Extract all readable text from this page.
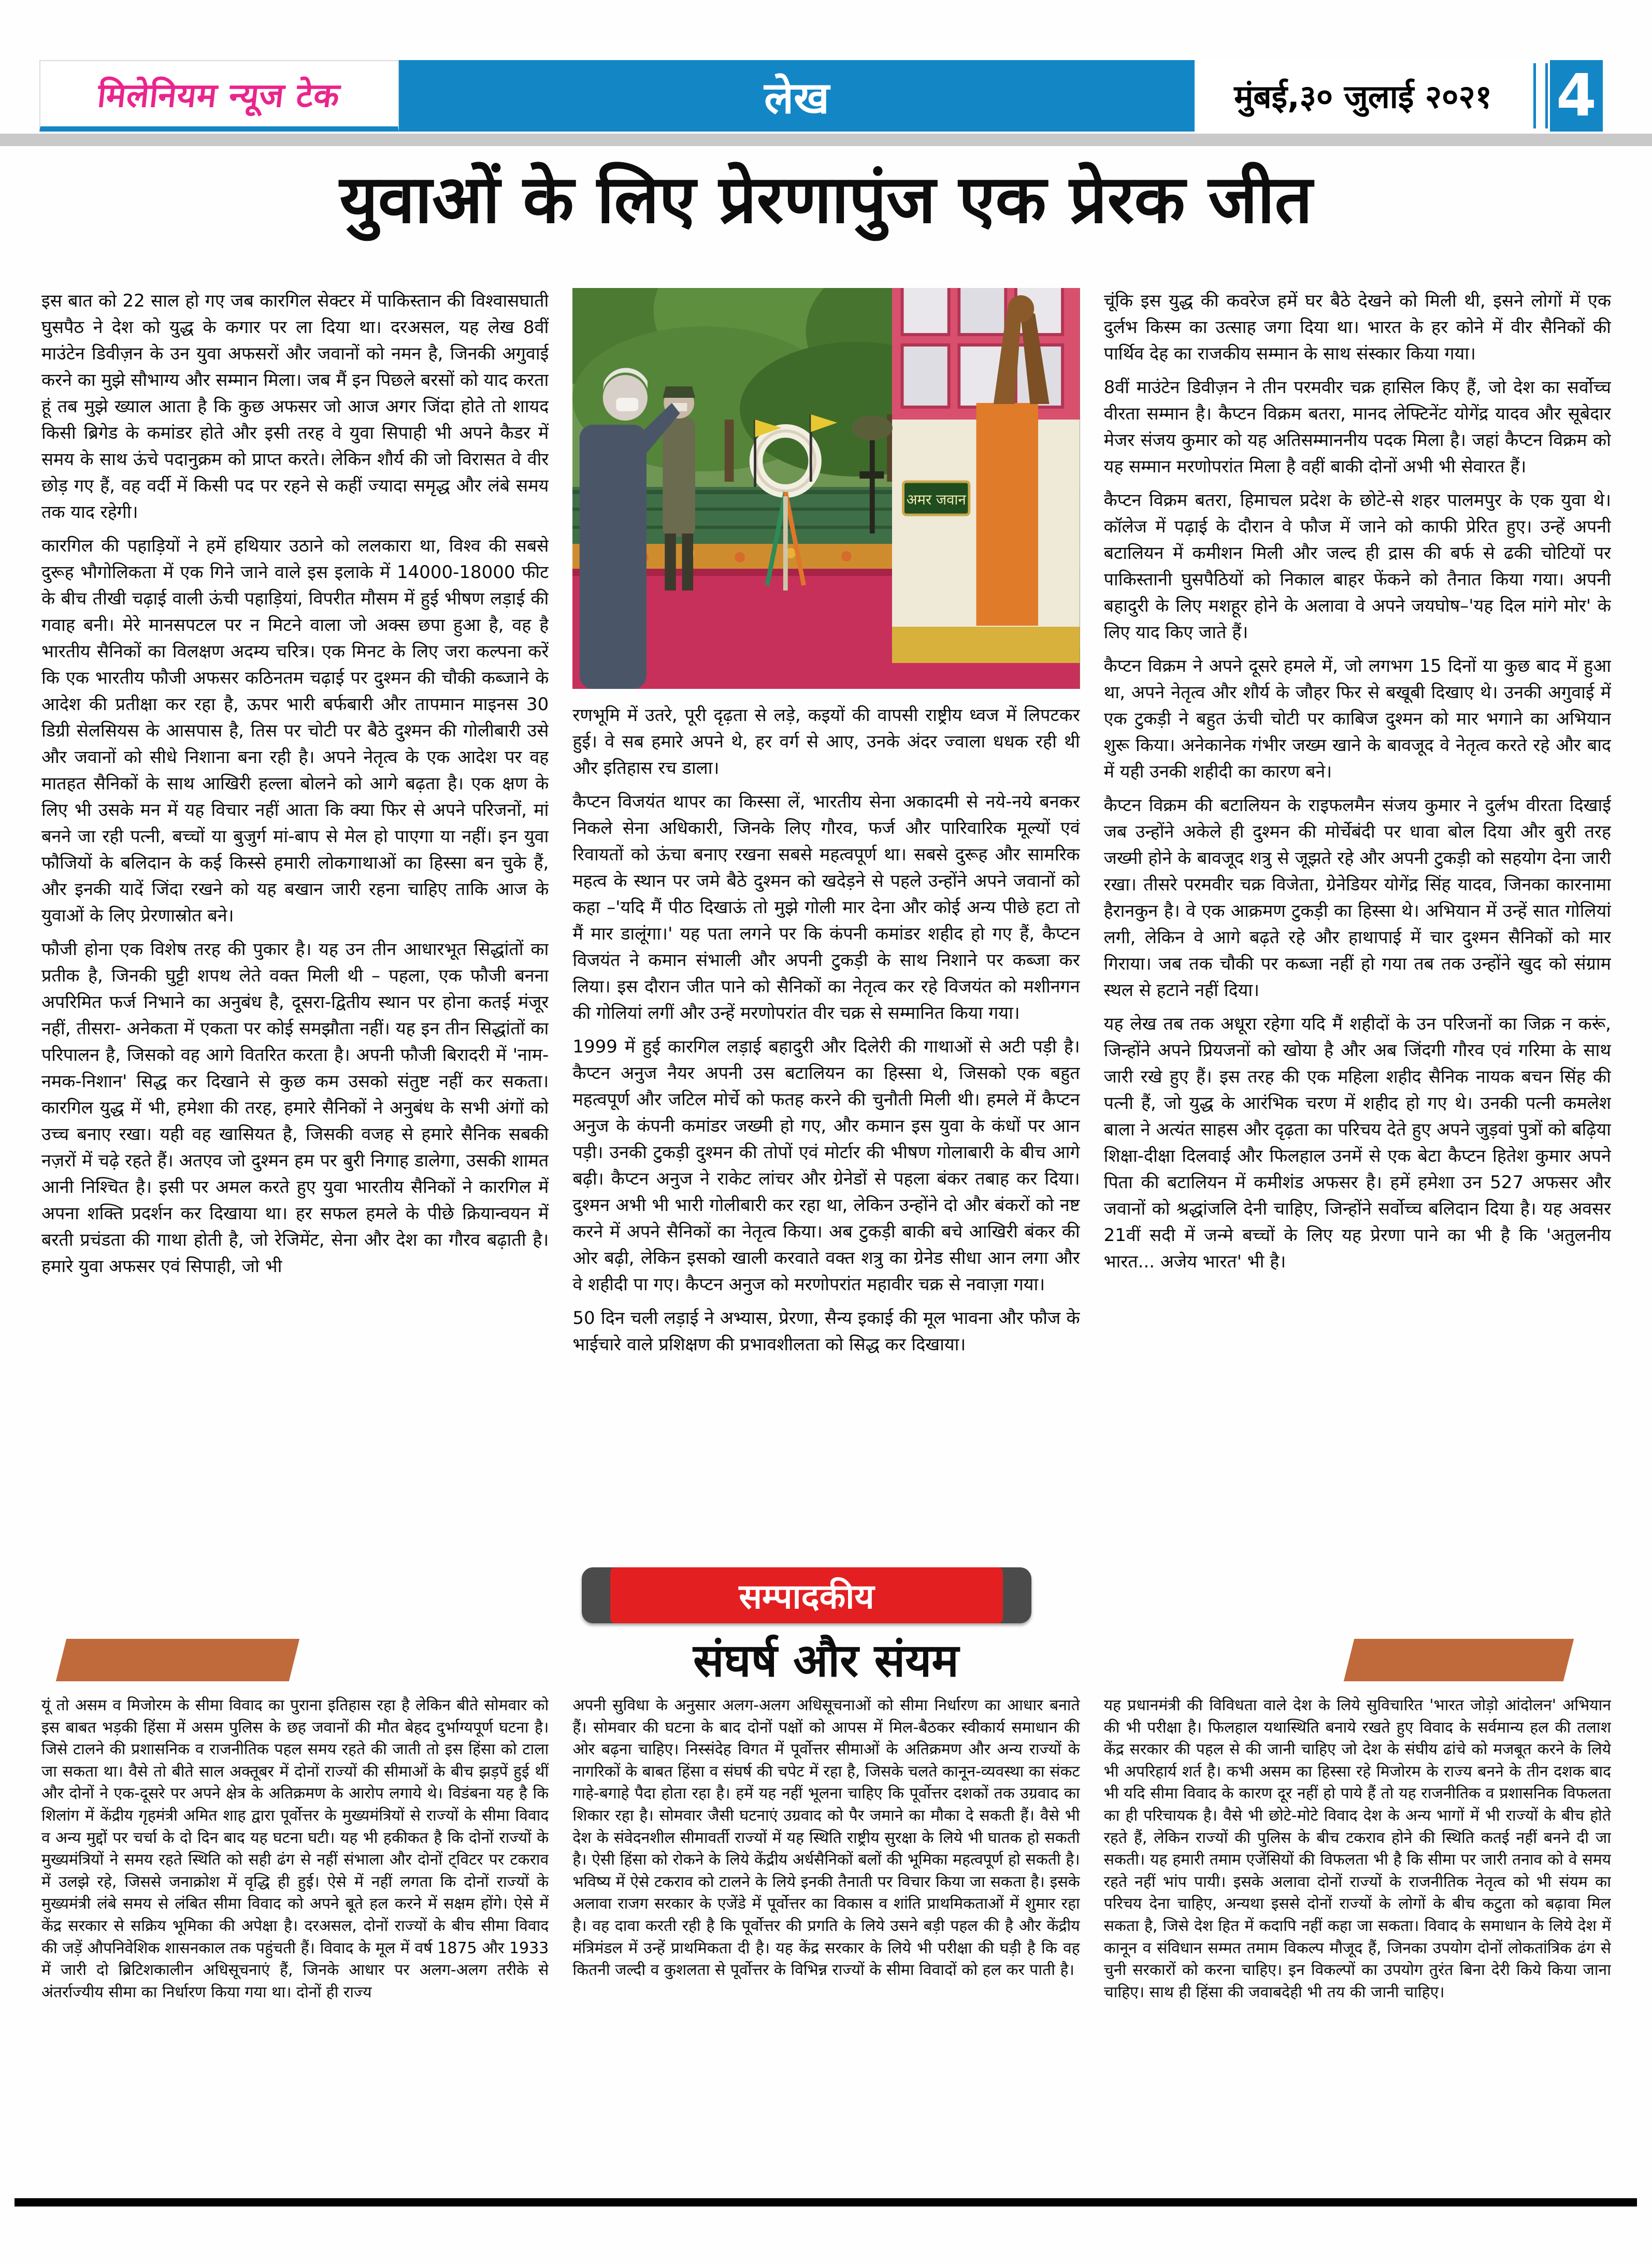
मिलेनियम न्यूज टेक	लेख	मुंबई,३० जुलाई २०२१ 4
युवाओं के लिए प्रेरणापुंज एक प्रेरक जीत

इस बात को 22 साल हो गए जब कारगिल सेक्टर में पाकिस्तान की विश्वासघाती घुसपैठ ने देश को युद्ध के कगार पर ला दिया था। दरअसल, यह लेख 8वीं माउंटेन डिवीज़न के उन युवा अफसरों और जवानों को नमन है, जिनकी अगुवाई करने का मुझे सौभाग्य और सम्मान मिला। जब मैं इन पिछले बरसों को याद करता हूं तब मुझे ख्याल आता है कि कुछ अफसर जो आज अगर जिंदा होते तो शायद किसी ब्रिगेड के कमांडर होते और इसी तरह वे युवा सिपाही भी अपने कैडर में समय के साथ ऊंचे पदानुक्रम को प्राप्त करते। लेकिन शौर्य की जो विरासत वे वीर छोड़ गए हैं, वह वर्दी में किसी पद पर रहने से कहीं ज्यादा समृद्ध और लंबे समय तक याद रहेगी।

कारगिल की पहाड़ियों ने हमें हथियार उठाने को ललकारा था, विश्व की सबसे दुरूह भौगोलिकता में एक गिने जाने वाले इस इलाके में 14000-18000 फीट के बीच तीखी चढ़ाई वाली ऊंची पहाड़ियां, विपरीत मौसम में हुई भीषण लड़ाई की गवाह बनी। मेरे मानसपटल पर न मिटने वाला जो अक्स छपा हुआ है, वह है भारतीय सैनिकों का विलक्षण अदम्य चरित्र। एक मिनट के लिए जरा कल्पना करें कि एक भारतीय फौजी अफसर कठिनतम चढ़ाई पर दुश्मन की चौकी कब्जाने के आदेश की प्रतीक्षा कर रहा है, ऊपर भारी बर्फबारी और तापमान माइनस 30 डिग्री सेलसियस के आसपास है, तिस पर चोटी पर बैठे दुश्मन की गोलीबारी उसे और जवानों को सीधे निशाना बना रही है। अपने नेतृत्व के एक आदेश पर वह मातहत सैनिकों के साथ आखिरी हल्ला बोलने को आगे बढ़ता है। एक क्षण के लिए भी उसके मन में यह विचार नहीं आता कि क्या फिर से अपने परिजनों, मां बनने जा रही पत्नी, बच्चों या बुजुर्ग मां-बाप से मेल हो पाएगा या नहीं। इन युवा फौजियों के बलिदान के कई किस्से हमारी लोकगाथाओं का हिस्सा बन चुके हैं, और इनकी यादें जिंदा रखने को यह बखान जारी रहना चाहिए ताकि आज के युवाओं के लिए प्रेरणास्रोत बने।

फौजी होना एक विशेष तरह की पुकार है। यह उन तीन आधारभूत सिद्धांतों का प्रतीक है, जिनकी घुट्टी शपथ लेते वक्त मिली थी – पहला, एक फौजी बनना अपरिमित फर्ज निभाने का अनुबंध है, दूसरा-द्वितीय स्थान पर होना कतई मंजूर नहीं, तीसरा- अनेकता में एकता पर कोई समझौता नहीं। यह इन तीन सिद्धांतों का परिपालन है, जिसको वह आगे वितरित करता है। अपनी फौजी बिरादरी में 'नाम-नमक-निशान' सिद्ध कर दिखाने से कुछ कम उसको संतुष्ट नहीं कर सकता। कारगिल युद्ध में भी, हमेशा की तरह, हमारे सैनिकों ने अनुबंध के सभी अंगों को उच्च बनाए रखा। यही वह खासियत है, जिसकी वजह से हमारे सैनिक सबकी नज़रों में चढ़े रहते हैं। अतएव जो दुश्मन हम पर बुरी निगाह डालेगा, उसकी शामत आनी निश्चित है। इसी पर अमल करते हुए युवा भारतीय सैनिकों ने कारगिल में अपना शक्ति प्रदर्शन कर दिखाया था। हर सफल हमले के पीछे क्रियान्वयन में बरती प्रचंडता की गाथा होती है, जो रेजिमेंट, सेना और देश का गौरव बढ़ाती है। हमारे युवा अफसर एवं सिपाही, जो भी

अमर जवान

रणभूमि में उतरे, पूरी दृढ़ता से लड़े, कइयों की वापसी राष्ट्रीय ध्वज में लिपटकर हुई। वे सब हमारे अपने थे, हर वर्ग से आए, उनके अंदर ज्वाला धधक रही थी और इतिहास रच डाला।

कैप्टन विजयंत थापर का किस्सा लें, भारतीय सेना अकादमी से नये-नये बनकर निकले सेना अधिकारी, जिनके लिए गौरव, फर्ज और पारिवारिक मूल्यों एवं रिवायतों को ऊंचा बनाए रखना सबसे महत्वपूर्ण था। सबसे दुरूह और सामरिक महत्व के स्थान पर जमे बैठे दुश्मन को खदेड़ने से पहले उन्होंने अपने जवानों को कहा –'यदि मैं पीठ दिखाऊं तो मुझे गोली मार देना और कोई अन्य पीछे हटा तो मैं मार डालूंगा।' यह पता लगने पर कि कंपनी कमांडर शहीद हो गए हैं, कैप्टन विजयंत ने कमान संभाली और अपनी टुकड़ी के साथ निशाने पर कब्जा कर लिया। इस दौरान जीत पाने को सैनिकों का नेतृत्व कर रहे विजयंत को मशीनगन की गोलियां लगीं और उन्हें मरणोपरांत वीर चक्र से सम्मानित किया गया।

1999 में हुई कारगिल लड़ाई बहादुरी और दिलेरी की गाथाओं से अटी पड़ी है। कैप्टन अनुज नैयर अपनी उस बटालियन का हिस्सा थे, जिसको एक बहुत महत्वपूर्ण और जटिल मोर्चे को फतह करने की चुनौती मिली थी। हमले में कैप्टन अनुज के कंपनी कमांडर जख्मी हो गए, और कमान इस युवा के कंधों पर आन पड़ी। उनकी टुकड़ी दुश्मन की तोपों एवं मोर्टार की भीषण गोलाबारी के बीच आगे बढ़ी। कैप्टन अनुज ने राकेट लांचर और ग्रेनेडों से पहला बंकर तबाह कर दिया। दुश्मन अभी भी भारी गोलीबारी कर रहा था, लेकिन उन्होंने दो और बंकरों को नष्ट करने में अपने सैनिकों का नेतृत्व किया। अब टुकड़ी बाकी बचे आखिरी बंकर की ओर बढ़ी, लेकिन इसको खाली करवाते वक्त शत्रु का ग्रेनेड सीधा आन लगा और वे शहीदी पा गए। कैप्टन अनुज को मरणोपरांत महावीर चक्र से नवाज़ा गया।

50 दिन चली लड़ाई ने अभ्यास, प्रेरणा, सैन्य इकाई की मूल भावना और फौज के भाईचारे वाले प्रशिक्षण की प्रभावशीलता को सिद्ध कर दिखाया।

चूंकि इस युद्ध की कवरेज हमें घर बैठे देखने को मिली थी, इसने लोगों में एक दुर्लभ किस्म का उत्साह जगा दिया था। भारत के हर कोने में वीर सैनिकों की पार्थिव देह का राजकीय सम्मान के साथ संस्कार किया गया।

8वीं माउंटेन डिवीज़न ने तीन परमवीर चक्र हासिल किए हैं, जो देश का सर्वोच्च वीरता सम्मान है। कैप्टन विक्रम बतरा, मानद लेफ्टिनेंट योगेंद्र यादव और सूबेदार मेजर संजय कुमार को यह अतिसम्माननीय पदक मिला है। जहां कैप्टन विक्रम को यह सम्मान मरणोपरांत मिला है वहीं बाकी दोनों अभी भी सेवारत हैं।

कैप्टन विक्रम बतरा, हिमाचल प्रदेश के छोटे-से शहर पालमपुर के एक युवा थे। कॉलेज में पढ़ाई के दौरान वे फौज में जाने को काफी प्रेरित हुए। उन्हें अपनी बटालियन में कमीशन मिली और जल्द ही द्रास की बर्फ से ढकी चोटियों पर पाकिस्तानी घुसपैठियों को निकाल बाहर फेंकने को तैनात किया गया। अपनी बहादुरी के लिए मशहूर होने के अलावा वे अपने जयघोष–'यह दिल मांगे मोर' के लिए याद किए जाते हैं।

कैप्टन विक्रम ने अपने दूसरे हमले में, जो लगभग 15 दिनों या कुछ बाद में हुआ था, अपने नेतृत्व और शौर्य के जौहर फिर से बखूबी दिखाए थे। उनकी अगुवाई में एक टुकड़ी ने बहुत ऊंची चोटी पर काबिज दुश्मन को मार भगाने का अभियान शुरू किया। अनेकानेक गंभीर जख्म खाने के बावजूद वे नेतृत्व करते रहे और बाद में यही उनकी शहीदी का कारण बने।

कैप्टन विक्रम की बटालियन के राइफलमैन संजय कुमार ने दुर्लभ वीरता दिखाई जब उन्होंने अकेले ही दुश्मन की मोर्चेबंदी पर धावा बोल दिया और बुरी तरह जख्मी होने के बावजूद शत्रु से जूझते रहे और अपनी टुकड़ी को सहयोग देना जारी रखा। तीसरे परमवीर चक्र विजेता, ग्रेनेडियर योगेंद्र सिंह यादव, जिनका कारनामा हैरानकुन है। वे एक आक्रमण टुकड़ी का हिस्सा थे। अभियान में उन्हें सात गोलियां लगी, लेकिन वे आगे बढ़ते रहे और हाथापाई में चार दुश्मन सैनिकों को मार गिराया। जब तक चौकी पर कब्जा नहीं हो गया तब तक उन्होंने खुद को संग्राम स्थल से हटाने नहीं दिया।

यह लेख तब तक अधूरा रहेगा यदि मैं शहीदों के उन परिजनों का जिक्र न करूं, जिन्होंने अपने प्रियजनों को खोया है और अब जिंदगी गौरव एवं गरिमा के साथ जारी रखे हुए हैं। इस तरह की एक महिला शहीद सैनिक नायक बचन सिंह की पत्नी हैं, जो युद्ध के आरंभिक चरण में शहीद हो गए थे। उनकी पत्नी कमलेश बाला ने अत्यंत साहस और दृढ़ता का परिचय देते हुए अपने जुड़वां पुत्रों को बढ़िया शिक्षा-दीक्षा दिलवाई और फिलहाल उनमें से एक बेटा कैप्टन हितेश कुमार अपने पिता की बटालियन में कमीशंड अफसर है। हमें हमेशा उन 527 अफसर और जवानों को श्रद्धांजलि देनी चाहिए, जिन्होंने सर्वोच्च बलिदान दिया है। यह अवसर 21वीं सदी में जन्मे बच्चों के लिए यह प्रेरणा पाने का भी है कि 'अतुलनीय भारत... अजेय भारत' भी है।

सम्पादकीय
संघर्ष और संयम

यूं तो असम व मिजोरम के सीमा विवाद का पुराना इतिहास रहा है लेकिन बीते सोमवार को इस बाबत भड़की हिंसा में असम पुलिस के छह जवानों की मौत बेहद दुर्भाग्यपूर्ण घटना है। जिसे टालने की प्रशासनिक व राजनीतिक पहल समय रहते की जाती तो इस हिंसा को टाला जा सकता था। वैसे तो बीते साल अक्तूबर में दोनों राज्यों की सीमाओं के बीच झड़पें हुई थीं और दोनों ने एक-दूसरे पर अपने क्षेत्र के अतिक्रमण के आरोप लगाये थे। विडंबना यह है कि शिलांग में केंद्रीय गृहमंत्री अमित शाह द्वारा पूर्वोत्तर के मुख्यमंत्रियों से राज्यों के सीमा विवाद व अन्य मुद्दों पर चर्चा के दो दिन बाद यह घटना घटी। यह भी हकीकत है कि दोनों राज्यों के मुख्यमंत्रियों ने समय रहते स्थिति को सही ढंग से नहीं संभाला और दोनों ट्विटर पर टकराव में उलझे रहे, जिससे जनाक्रोश में वृद्धि ही हुई। ऐसे में नहीं लगता कि दोनों राज्यों के मुख्यमंत्री लंबे समय से लंबित सीमा विवाद को अपने बूते हल करने में सक्षम होंगे। ऐसे में केंद्र सरकार से सक्रिय भूमिका की अपेक्षा है। दरअसल, दोनों राज्यों के बीच सीमा विवाद की जड़ें औपनिवेशिक शासनकाल तक पहुंचती हैं। विवाद के मूल में वर्ष 1875 और 1933 में जारी दो ब्रिटिशकालीन अधिसूचनाएं हैं, जिनके आधार पर अलग-अलग तरीके से अंतर्राज्यीय सीमा का निर्धारण किया गया था। दोनों ही राज्य

अपनी सुविधा के अनुसार अलग-अलग अधिसूचनाओं को सीमा निर्धारण का आधार बनाते हैं। सोमवार की घटना के बाद दोनों पक्षों को आपस में मिल-बैठकर स्वीकार्य समाधान की ओर बढ़ना चाहिए। निस्संदेह विगत में पूर्वोत्तर सीमाओं के अतिक्रमण और अन्य राज्यों के नागरिकों के बाबत हिंसा व संघर्ष की चपेट में रहा है, जिसके चलते कानून-व्यवस्था का संकट गाहे-बगाहे पैदा होता रहा है। हमें यह नहीं भूलना चाहिए कि पूर्वोत्तर दशकों तक उग्रवाद का शिकार रहा है। सोमवार जैसी घटनाएं उग्रवाद को पैर जमाने का मौका दे सकती हैं। वैसे भी देश के संवेदनशील सीमावर्ती राज्यों में यह स्थिति राष्ट्रीय सुरक्षा के लिये भी घातक हो सकती है। ऐसी हिंसा को रोकने के लिये केंद्रीय अर्धसैनिकों बलों की भूमिका महत्वपूर्ण हो सकती है। भविष्य में ऐसे टकराव को टालने के लिये इनकी तैनाती पर विचार किया जा सकता है। इसके अलावा राजग सरकार के एजेंडे में पूर्वोत्तर का विकास व शांति प्राथमिकताओं में शुमार रहा है। वह दावा करती रही है कि पूर्वोत्तर की प्रगति के लिये उसने बड़ी पहल की है और केंद्रीय मंत्रिमंडल में उन्हें प्राथमिकता दी है। यह केंद्र सरकार के लिये भी परीक्षा की घड़ी है कि वह कितनी जल्दी व कुशलता से पूर्वोत्तर के विभिन्न राज्यों के सीमा विवादों को हल कर पाती है।

यह प्रधानमंत्री की विविधता वाले देश के लिये सुविचारित 'भारत जोड़ो आंदोलन' अभियान की भी परीक्षा है। फिलहाल यथास्थिति बनाये रखते हुए विवाद के सर्वमान्य हल की तलाश केंद्र सरकार की पहल से की जानी चाहिए जो देश के संघीय ढांचे को मजबूत करने के लिये भी अपरिहार्य शर्त है। कभी असम का हिस्सा रहे मिजोरम के राज्य बनने के तीन दशक बाद भी यदि सीमा विवाद के कारण दूर नहीं हो पाये हैं तो यह राजनीतिक व प्रशासनिक विफलता का ही परिचायक है। वैसे भी छोटे-मोटे विवाद देश के अन्य भागों में भी राज्यों के बीच होते रहते हैं, लेकिन राज्यों की पुलिस के बीच टकराव होने की स्थिति कतई नहीं बनने दी जा सकती। यह हमारी तमाम एजेंसियों की विफलता भी है कि सीमा पर जारी तनाव को वे समय रहते नहीं भांप पायी। इसके अलावा दोनों राज्यों के राजनीतिक नेतृत्व को भी संयम का परिचय देना चाहिए, अन्यथा इससे दोनों राज्यों के लोगों के बीच कटुता को बढ़ावा मिल सकता है, जिसे देश हित में कदापि नहीं कहा जा सकता। विवाद के समाधान के लिये देश में कानून व संविधान सम्मत तमाम विकल्प मौजूद हैं, जिनका उपयोग दोनों लोकतांत्रिक ढंग से चुनी सरकारों को करना चाहिए। इन विकल्पों का उपयोग तुरंत बिना देरी किये किया जाना चाहिए। साथ ही हिंसा की जवाबदेही भी तय की जानी चाहिए।
